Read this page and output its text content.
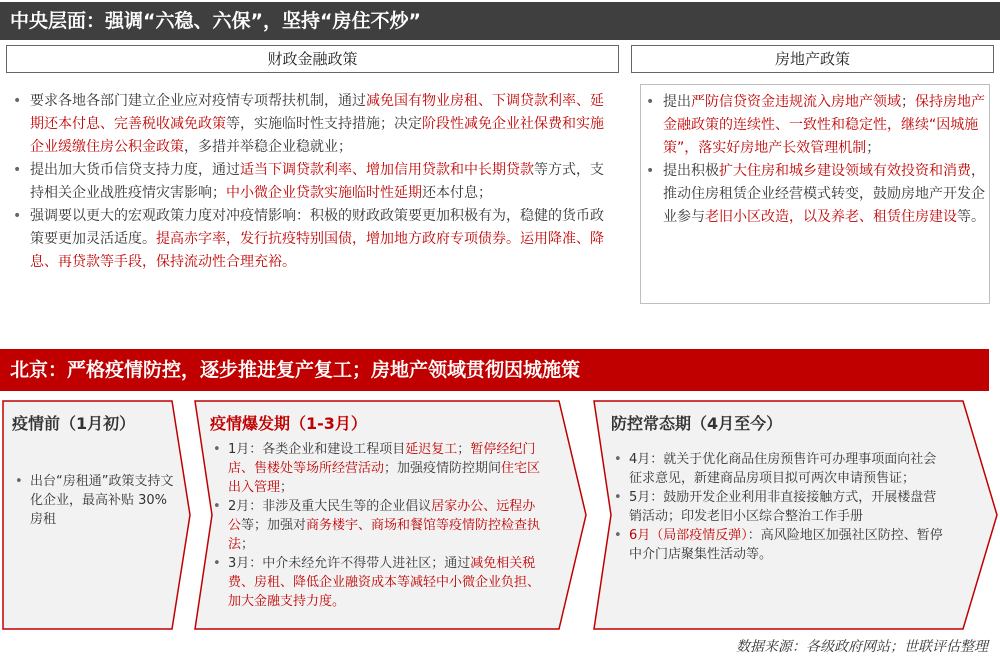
中央层面：强调“六稳、六保”，坚持“房住不炒”
财政金融政策	房地产政策
• 要求各地各部门建立企业应对疫情专项帮扶机制，通过减免国有物业房租、下调贷款利率、延期还本付息、完善税收减免政策等，实施临时性支持措施；决定阶段性减免企业社保费和实施企业缓缴住房公积金政策，多措并举稳企业稳就业；
• 提出加大货币信贷支持力度，通过适当下调贷款利率、增加信用贷款和中长期贷款等方式，支持相关企业战胜疫情灾害影响；中小微企业贷款实施临时性延期还本付息；
• 强调要以更大的宏观政策力度对冲疫情影响：积极的财政政策要更加积极有为，稳健的货币政策要更加灵活适度。提高赤字率，发行抗疫特别国债，增加地方政府专项债券。运用降准、降息、再贷款等手段，保持流动性合理充裕。
• 提出严防信贷资金违规流入房地产领域；保持房地产金融政策的连续性、一致性和稳定性，继续“因城施策”，落实好房地产长效管理机制；
• 提出积极扩大住房和城乡建设领域有效投资和消费，推动住房租赁企业经营模式转变，鼓励房地产开发企业参与老旧小区改造，以及养老、租赁住房建设等。
北京：严格疫情防控，逐步推进复产复工；房地产领域贯彻因城施策
疫情前（1月初）
• 出台“房租通”政策支持文化企业，最高补贴 30%房租
疫情爆发期（1-3月）
• 1月：各类企业和建设工程项目延迟复工；暂停经纪门店、售楼处等场所经营活动；加强疫情防控期间住宅区出入管理；
• 2月：非涉及重大民生等的企业倡议居家办公、远程办公等；加强对商务楼宇、商场和餐馆等疫情防控检查执法；
• 3月：中介未经允许不得带人进社区；通过减免相关税费、房租、降低企业融资成本等减轻中小微企业负担、加大金融支持力度。
防控常态期（4月至今）
• 4月：就关于优化商品住房预售许可办理事项面向社会征求意见，新建商品房项目拟可两次申请预售证；
• 5月：鼓励开发企业利用非直接接触方式，开展楼盘营销活动；印发老旧小区综合整治工作手册
• 6月（局部疫情反弹）：高风险地区加强社区防控、暂停中介门店聚集性活动等。
数据来源：各级政府网站；世联评估整理
